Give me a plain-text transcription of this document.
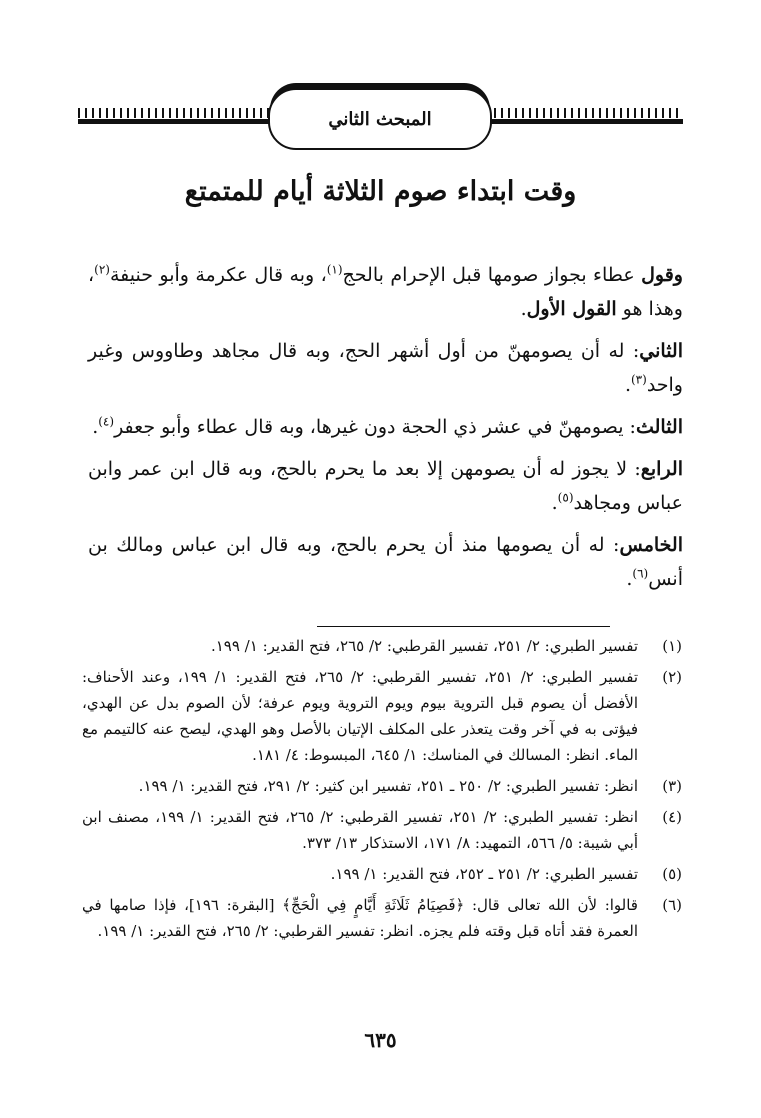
المبحث الثاني
وقت ابتداء صوم الثلاثة أيام للمتمتع

وقول عطاء بجواز صومها قبل الإحرام بالحج$^{(١)}$، وبه قال عكرمة وأبو حنيفة$^{(٢)}$، وهذا هو القول الأول.

الثاني: له أن يصومهنّ من أول أشهر الحج، وبه قال مجاهد وطاووس وغير واحد$^{(٣)}$.

الثالث: يصومهنّ في عشر ذي الحجة دون غيرها، وبه قال عطاء وأبو جعفر$^{(٤)}$.

الرابع: لا يجوز له أن يصومهن إلا بعد ما يحرم بالحج، وبه قال ابن عمر وابن عباس ومجاهد$^{(٥)}$.

الخامس: له أن يصومها منذ أن يحرم بالحج، وبه قال ابن عباس ومالك بن أنس$^{(٦)}$.

(١)
تفسير الطبري: ٢/ ٢٥١، تفسير القرطبي: ٢/ ٢٦٥، فتح القدير: ١/ ١٩٩.
(٢)
تفسير الطبري: ٢/ ٢٥١، تفسير القرطبي: ٢/ ٢٦٥، فتح القدير: ١/ ١٩٩، وعند الأحناف: الأفضل أن يصوم قبل التروية بيوم ويوم التروية ويوم عرفة؛ لأن الصوم بدل عن الهدي، فيؤتى به في آخر وقت يتعذر على المكلف الإتيان بالأصل وهو الهدي، ليصح عنه كالتيمم مع الماء. انظر: المسالك في المناسك: ١/ ٦٤٥، المبسوط: ٤/ ١٨١.
(٣)
انظر: تفسير الطبري: ٢/ ٢٥٠ ـ ٢٥١، تفسير ابن كثير: ٢/ ٢٩١، فتح القدير: ١/ ١٩٩.
(٤)
انظر: تفسير الطبري: ٢/ ٢٥١، تفسير القرطبي: ٢/ ٢٦٥، فتح القدير: ١/ ١٩٩، مصنف ابن أبي شيبة: ٥/ ٥٦٦، التمهيد: ٨/ ١٧١، الاستذكار ١٣/ ٣٧٣.
(٥)
تفسير الطبري: ٢/ ٢٥١ ـ ٢٥٢، فتح القدير: ١/ ١٩٩.
(٦)
قالوا: لأن الله تعالى قال: ﴿فَصِيَامُ ثَلَاثَةِ أَيَّامٍ فِي الْحَجِّ﴾ [البقرة: ١٩٦]، فإذا صامها في العمرة فقد أتاه قبل وقته فلم يجزه. انظر: تفسير القرطبي: ٢/ ٢٦٥، فتح القدير: ١/ ١٩٩.
٦٣٥
